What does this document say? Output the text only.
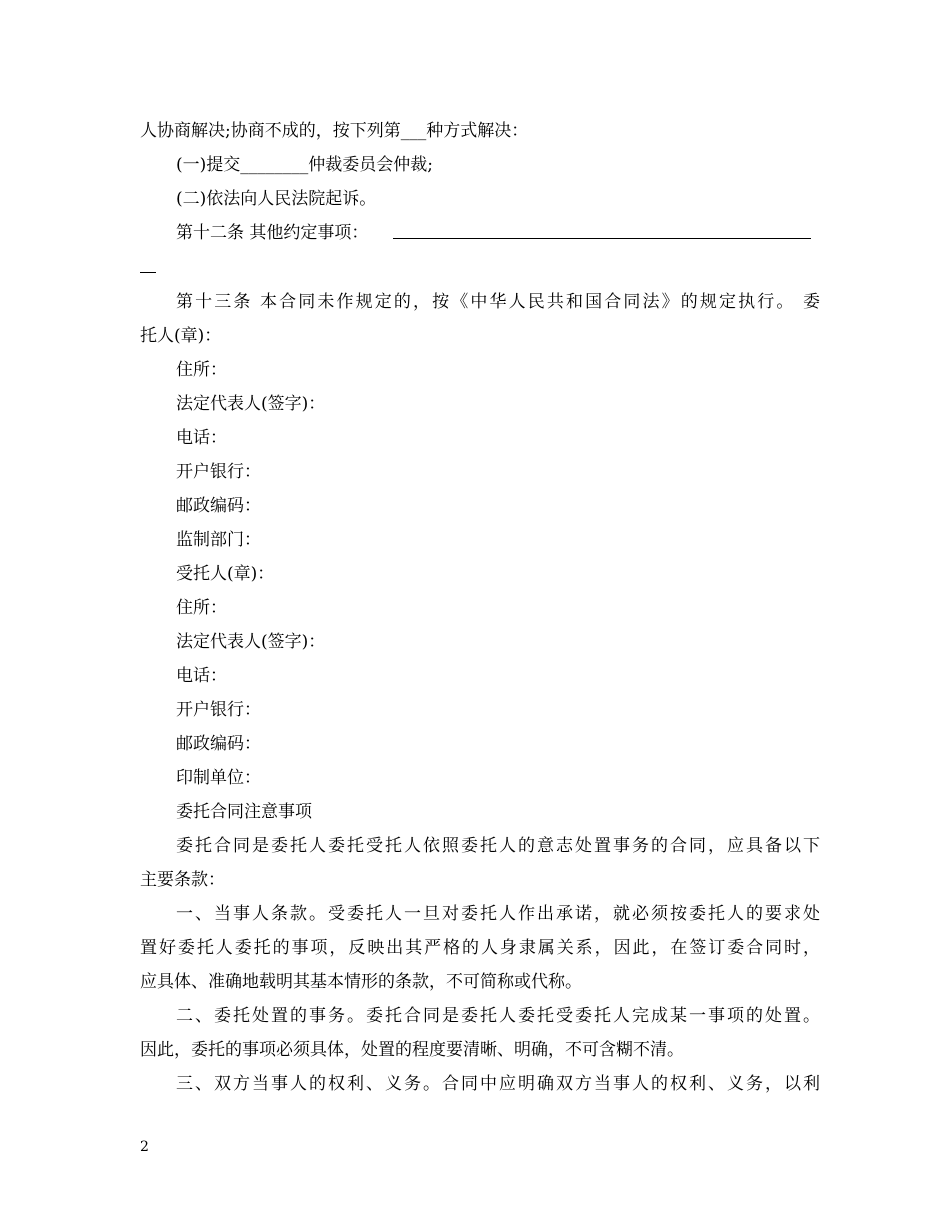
人协商解决;协商不成的，按下列第___种方式解决：
(一)提交________仲裁委员会仲裁;
(二)依法向人民法院起诉。
第十二条 其他约定事项：
第十三条 本合同未作规定的，按《中华人民共和国合同法》的规定执行。 委
托人(章)：
住所：
法定代表人(签字)：
电话：
开户银行：
邮政编码：
监制部门：
受托人(章)：
住所：
法定代表人(签字)：
电话：
开户银行：
邮政编码：
印制单位：
委托合同注意事项
委托合同是委托人委托受托人依照委托人的意志处置事务的合同，应具备以下
主要条款：
一、当事人条款。受委托人一旦对委托人作出承诺，就必须按委托人的要求处
置好委托人委托的事项，反映出其严格的人身隶属关系，因此，在签订委合同时，
应具体、准确地载明其基本情形的条款，不可简称或代称。
二、委托处置的事务。委托合同是委托人委托受委托人完成某一事项的处置。
因此，委托的事项必须具体，处置的程度要清晰、明确，不可含糊不清。
三、双方当事人的权利、义务。合同中应明确双方当事人的权利、义务，以利
2
